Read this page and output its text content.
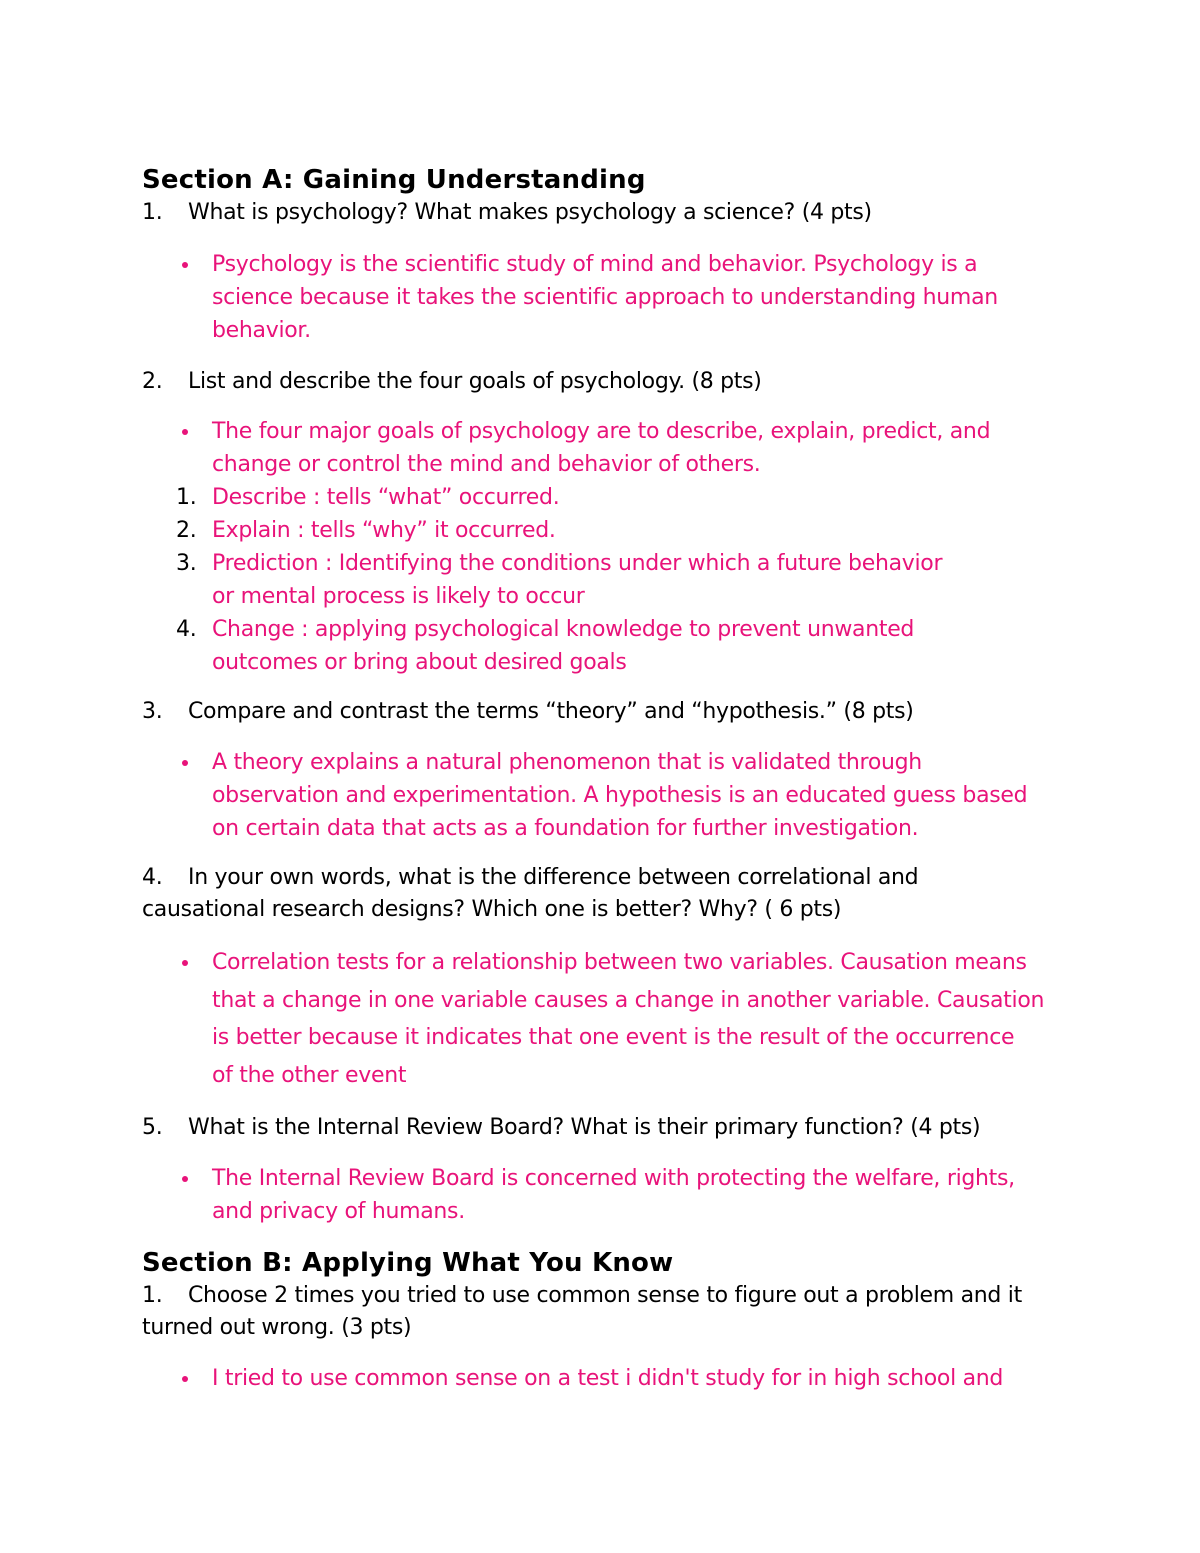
Section A: Gaining Understanding

1. What is psychology? What makes psychology a science? (4 pts)

Psychology is the scientific study of mind and behavior. Psychology is a
science because it takes the scientific approach to understanding human
behavior.

2. List and describe the four goals of psychology. (8 pts)

The four major goals of psychology are to describe, explain, predict, and
change or control the mind and behavior of others.
1. Describe : tells “what” occurred.
2. Explain : tells “why” it occurred.
3. Prediction : Identifying the conditions under which a future behavior
or mental process is likely to occur
4. Change : applying psychological knowledge to prevent unwanted
outcomes or bring about desired goals

3. Compare and contrast the terms “theory” and “hypothesis.” (8 pts)

A theory explains a natural phenomenon that is validated through
observation and experimentation. A hypothesis is an educated guess based
on certain data that acts as a foundation for further investigation.

4. In your own words, what is the difference between correlational and

causational research designs? Which one is better? Why? ( 6 pts)

Correlation tests for a relationship between two variables. Causation means
that a change in one variable causes a change in another variable. Causation
is better because it indicates that one event is the result of the occurrence
of the other event

5. What is the Internal Review Board? What is their primary function? (4 pts)

The Internal Review Board is concerned with protecting the welfare, rights,
and privacy of humans.
Section B: Applying What You Know

1. Choose 2 times you tried to use common sense to figure out a problem and it

turned out wrong. (3 pts)

I tried to use common sense on a test i didn't study for in high school and
